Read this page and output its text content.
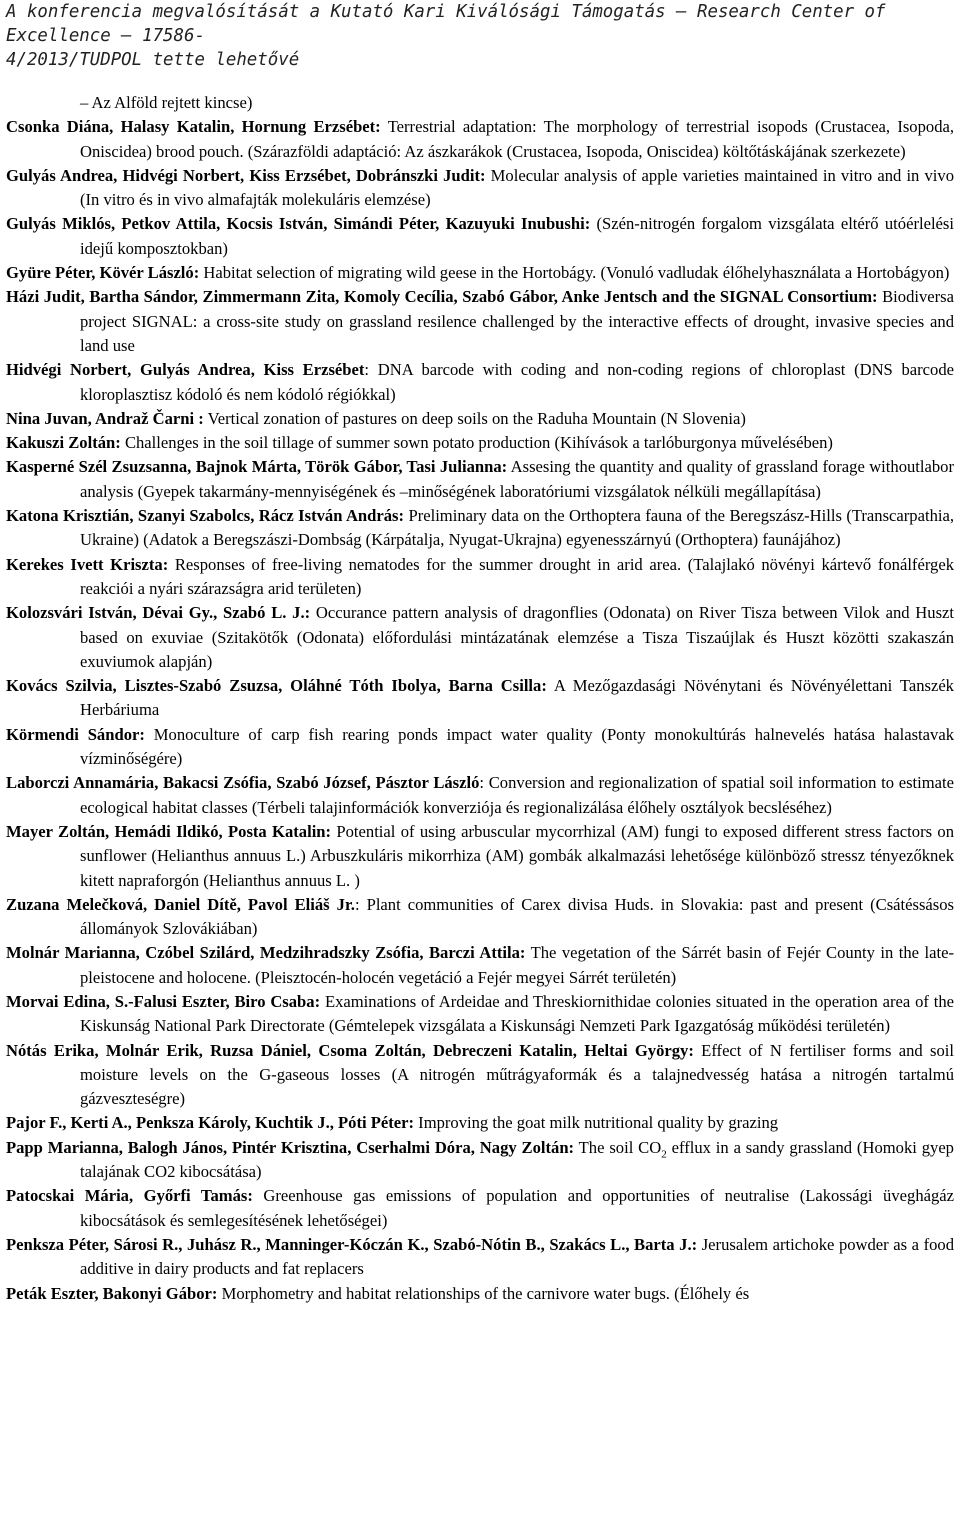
A konferencia megvalósítását a Kutató Kari Kiválósági Támogatás – Research Center of Excellence – 17586-
4/2013/TUDPOL tette lehetővé

– Az Alföld rejtett kincse)

Csonka Diána, Halasy Katalin, Hornung Erzsébet: Terrestrial adaptation: The morphology of terrestrial isopods (Crustacea, Isopoda, Oniscidea) brood pouch. (Szárazföldi adaptáció: Az ászkarákok (Crustacea, Isopoda, Oniscidea) költőtáskájának szerkezete)

Gulyás Andrea, Hidvégi Norbert, Kiss Erzsébet, Dobránszki Judit: Molecular analysis of apple varieties maintained in vitro and in vivo (In vitro és in vivo almafajták molekuláris elemzése)

Gulyás Miklós, Petkov Attila, Kocsis István, Simándi Péter, Kazuyuki Inubushi: (Szén-nitrogén forgalom vizsgálata eltérő utóérlelési idejű komposztokban)

Gyüre Péter, Kövér László: Habitat selection of migrating wild geese in the Hortobágy. (Vonuló vadludak élőhelyhasználata a Hortobágyon)

Házi Judit, Bartha Sándor, Zimmermann Zita, Komoly Cecília, Szabó Gábor, Anke Jentsch and the SIGNAL Consortium: Biodiversa project SIGNAL: a cross-site study on grassland resilence challenged by the interactive effects of drought, invasive species and land use

Hidvégi Norbert, Gulyás Andrea, Kiss Erzsébet: DNA barcode with coding and non-coding regions of chloroplast (DNS barcode kloroplasztisz kódoló és nem kódoló régiókkal)

Nina Juvan, Andraž Čarni : Vertical zonation of pastures on deep soils on the Raduha Mountain (N Slovenia)

Kakuszi Zoltán: Challenges in the soil tillage of summer sown potato production (Kihívások a tarlóburgonya művelésében)

Kasperné Szél Zsuzsanna, Bajnok Márta, Török Gábor, Tasi Julianna: Assesing the quantity and quality of grassland forage withoutlabor analysis (Gyepek takarmány-mennyiségének és –minőségének laboratóriumi vizsgálatok nélküli megállapítása)

Katona Krisztián, Szanyi Szabolcs, Rácz István András: Preliminary data on the Orthoptera fauna of the Beregszász-Hills (Transcarpathia, Ukraine) (Adatok a Beregszászi-Dombság (Kárpátalja, Nyugat-Ukrajna) egyenesszárnyú (Orthoptera) faunájához)

Kerekes Ivett Kriszta: Responses of free-living nematodes for the summer drought in arid area. (Talajlakó növényi kártevő fonálférgek reakciói a nyári szárazságra arid területen)

Kolozsvári István, Dévai Gy., Szabó L. J.: Occurance pattern analysis of dragonflies (Odonata) on River Tisza between Vilok and Huszt based on exuviae (Szitakötők (Odonata) előfordulási mintázatának elemzése a Tisza Tiszaújlak és Huszt közötti szakaszán exuviumok alapján)

Kovács Szilvia, Lisztes-Szabó Zsuzsa, Oláhné Tóth Ibolya, Barna Csilla: A Mezőgazdasági Növénytani és Növényélettani Tanszék Herbáriuma

Körmendi Sándor: Monoculture of carp fish rearing ponds impact water quality (Ponty monokultúrás halnevelés hatása halastavak vízminőségére)

Laborczi Annamária, Bakacsi Zsófia, Szabó József, Pásztor László: Conversion and regionalization of spatial soil information to estimate ecological habitat classes (Térbeli talajinformációk konverziója és regionalizálása élőhely osztályok becsléséhez)

Mayer Zoltán, Hemádi Ildikó, Posta Katalin: Potential of using arbuscular mycorrhizal (AM) fungi to exposed different stress factors on sunflower (Helianthus annuus L.) Arbuszkuláris mikorrhiza (AM) gombák alkalmazási lehetősége különböző stressz tényezőknek kitett napraforgón (Helianthus annuus L. )

Zuzana Melečková, Daniel Dítě, Pavol Eliáš Jr.: Plant communities of Carex divisa Huds. in Slovakia: past and present (Csátéssásos állományok Szlovákiában)

Molnár Marianna, Czóbel Szilárd, Medzihradszky Zsófia, Barczi Attila: The vegetation of the Sárrét basin of Fejér County in the late-pleistocene and holocene. (Pleisztocén-holocén vegetáció a Fejér megyei Sárrét területén)

Morvai Edina, S.-Falusi Eszter, Biro Csaba: Examinations of Ardeidae and Threskiornithidae colonies situated in the operation area of the Kiskunság National Park Directorate (Gémtelepek vizsgálata a Kiskunsági Nemzeti Park Igazgatóság működési területén)

Nótás Erika, Molnár Erik, Ruzsa Dániel, Csoma Zoltán, Debreczeni Katalin, Heltai György: Effect of N fertiliser forms and soil moisture levels on the G-gaseous losses (A nitrogén műtrágyaformák és a talajnedvesség hatása a nitrogén tartalmú gázveszteségre)

Pajor F., Kerti A., Penksza Károly, Kuchtik J., Póti Péter: Improving the goat milk nutritional quality by grazing

Papp Marianna, Balogh János, Pintér Krisztina, Cserhalmi Dóra, Nagy Zoltán: The soil $CO_2$ efflux in a sandy grassland (Homoki gyep talajának CO2 kibocsátása)

Patocskai Mária, Győrfi Tamás: Greenhouse gas emissions of population and opportunities of neutralise (Lakossági üveghágáz kibocsátások és semlegesítésének lehetőségei)

Penksza Péter, Sárosi R., Juhász R., Manninger-Kóczán K., Szabó-Nótin B., Szakács L., Barta J.: Jerusalem artichoke powder as a food additive in dairy products and fat replacers

Peták Eszter, Bakonyi Gábor: Morphometry and habitat relationships of the carnivore water bugs. (Élőhely és
